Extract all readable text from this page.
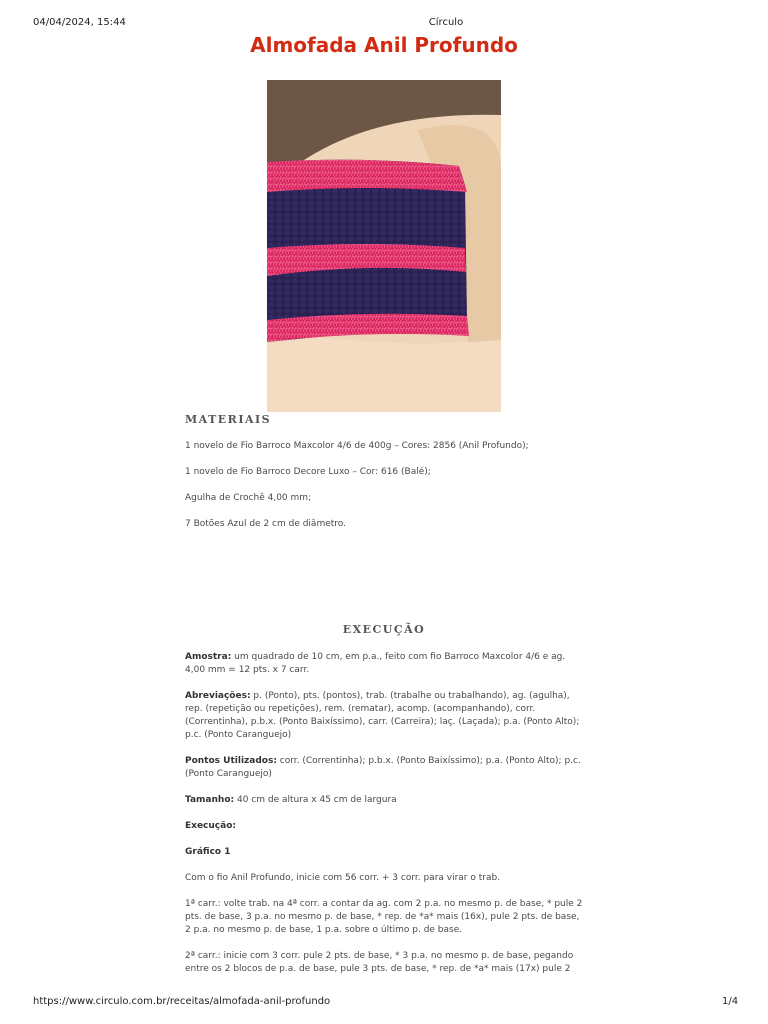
04/04/2024, 15:44	Círculo
Almofada Anil Profundo
MATERIAIS

1 novelo de Fio Barroco Maxcolor 4/6 de 400g – Cores: 2856 (Anil Profundo);

1 novelo de Fio Barroco Decore Luxo – Cor: 616 (Balé);

Agulha de Crochê 4,00 mm;

7 Botões Azul de 2 cm de diâmetro.

EXECUÇÃO

Amostra: um quadrado de 10 cm, em p.a., feito com fio Barroco Maxcolor 4/6 e ag. 4,00 mm = 12 pts. x 7 carr.

Abreviações: p. (Ponto), pts. (pontos), trab. (trabalhe ou trabalhando), ag. (agulha), rep. (repetição ou repetições), rem. (rematar), acomp. (acompanhando), corr. (Correntinha), p.b.x. (Ponto Baixíssimo), carr. (Carreira); laç. (Laçada); p.a. (Ponto Alto); p.c. (Ponto Caranguejo)

Pontos Utilizados: corr. (Correntinha); p.b.x. (Ponto Baixíssimo); p.a. (Ponto Alto); p.c. (Ponto Caranguejo)

Tamanho: 40 cm de altura x 45 cm de largura

Execução:

Gráfico 1

Com o fio Anil Profundo, inicie com 56 corr. + 3 corr. para virar o trab.

1ª carr.: volte trab. na 4ª corr. a contar da ag. com 2 p.a. no mesmo p. de base, * pule 2 pts. de base, 3 p.a. no mesmo p. de base, * rep. de *a* mais (16x), pule 2 pts. de base, 2 p.a. no mesmo p. de base, 1 p.a. sobre o último p. de base.

2ª carr.: inicie com 3 corr. pule 2 pts. de base, * 3 p.a. no mesmo p. de base, pegando entre os 2 blocos de p.a. de base, pule 3 pts. de base, * rep. de *a* mais (17x) pule 2

https://www.circulo.com.br/receitas/almofada-anil-profundo	1/4
